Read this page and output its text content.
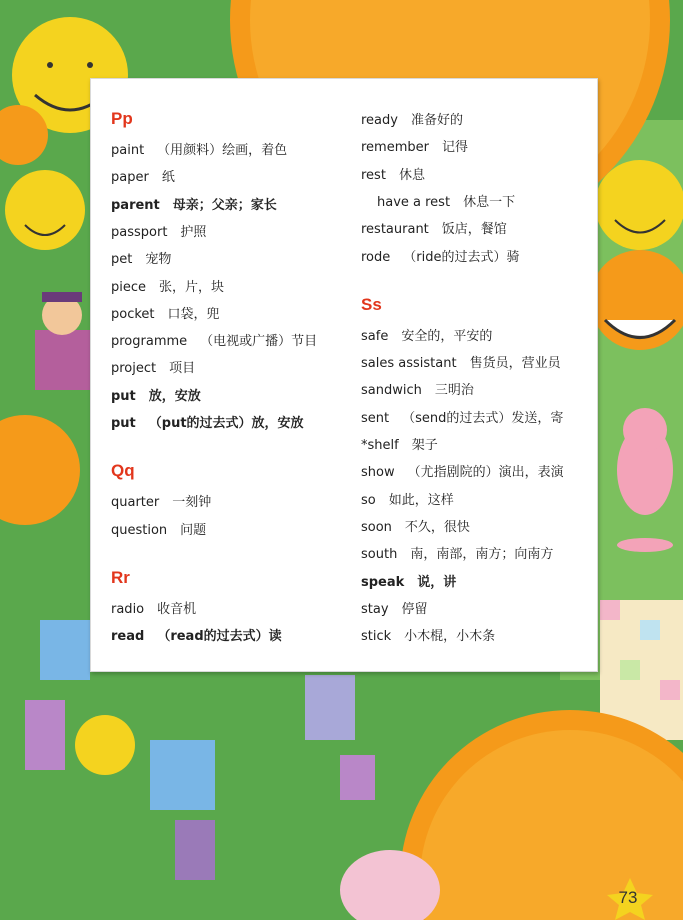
Pp
paint （用颜料）绘画，着色
paper 纸
parent 母亲；父亲；家长
passport 护照
pet 宠物
piece 张，片，块
pocket 口袋，兜
programme （电视或广播）节目
project 项目
put 放，安放
put （put的过去式）放，安放
Qq
quarter 一刻钟
question 问题
Rr
radio 收音机
read （read的过去式）读
ready 准备好的
remember 记得
rest 休息
have a rest 休息一下
restaurant 饭店，餐馆
rode （ride的过去式）骑
Ss
safe 安全的，平安的
sales assistant 售货员，营业员
sandwich 三明治
sent （send的过去式）发送，寄
*shelf 架子
show （尤指剧院的）演出，表演
so 如此，这样
soon 不久，很快
south 南，南部，南方；向南方
speak 说，讲
stay 停留
stick 小木棍，小木条
73
